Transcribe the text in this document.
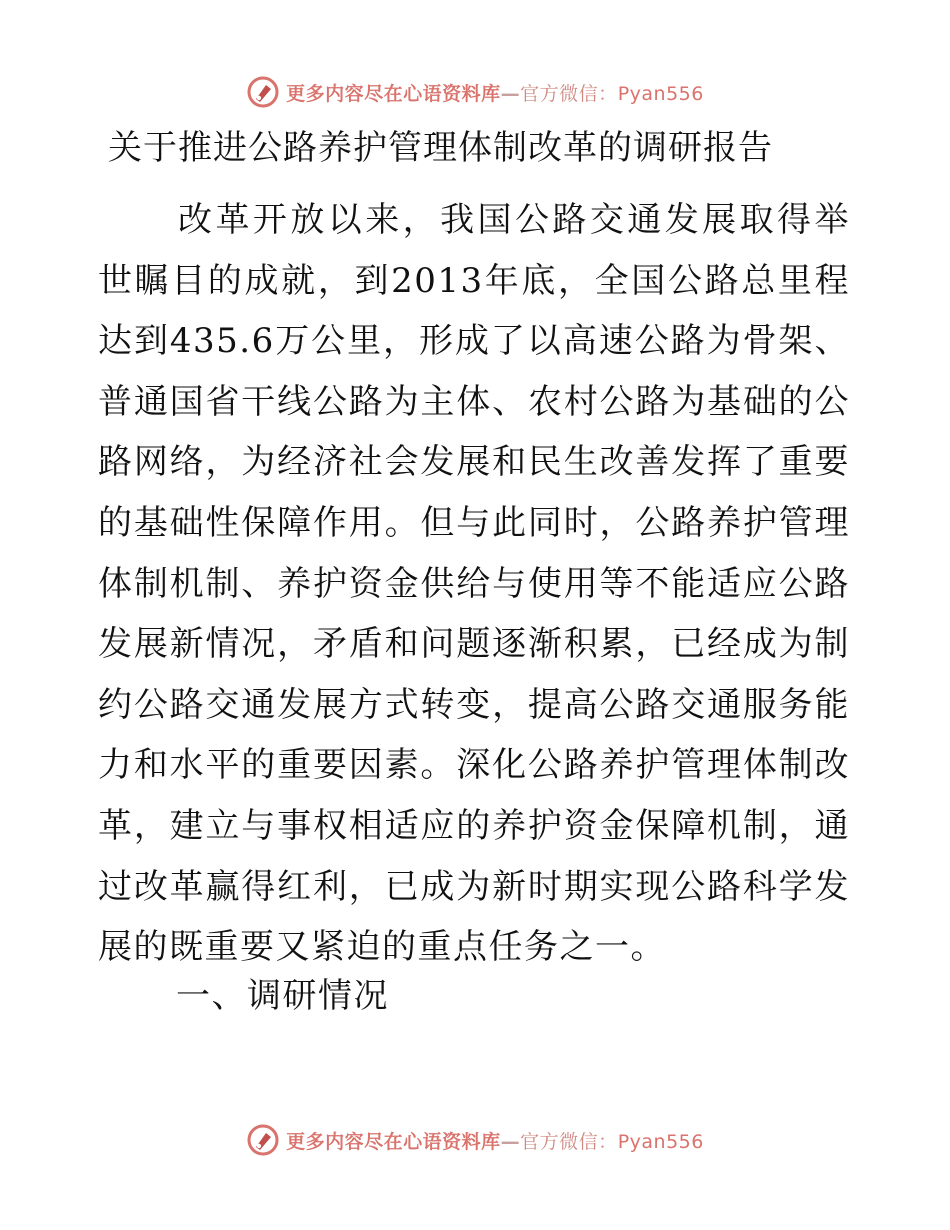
更多内容尽在心语资料库—官方微信：Pyan556
关于推进公路养护管理体制改革的调研报告

改革开放以来，我国公路交通发展取得举世瞩目的成就，到2013年底，全国公路总里程达到435.6万公里，形成了以高速公路为骨架、普通国省干线公路为主体、农村公路为基础的公路网络，为经济社会发展和民生改善发挥了重要的基础性保障作用。但与此同时，公路养护管理体制机制、养护资金供给与使用等不能适应公路发展新情况，矛盾和问题逐渐积累，已经成为制约公路交通发展方式转变，提高公路交通服务能力和水平的重要因素。深化公路养护管理体制改革，建立与事权相适应的养护资金保障机制，通过改革赢得红利，已成为新时期实现公路科学发展的既重要又紧迫的重点任务之一。

一、调研情况
更多内容尽在心语资料库—官方微信：Pyan556
